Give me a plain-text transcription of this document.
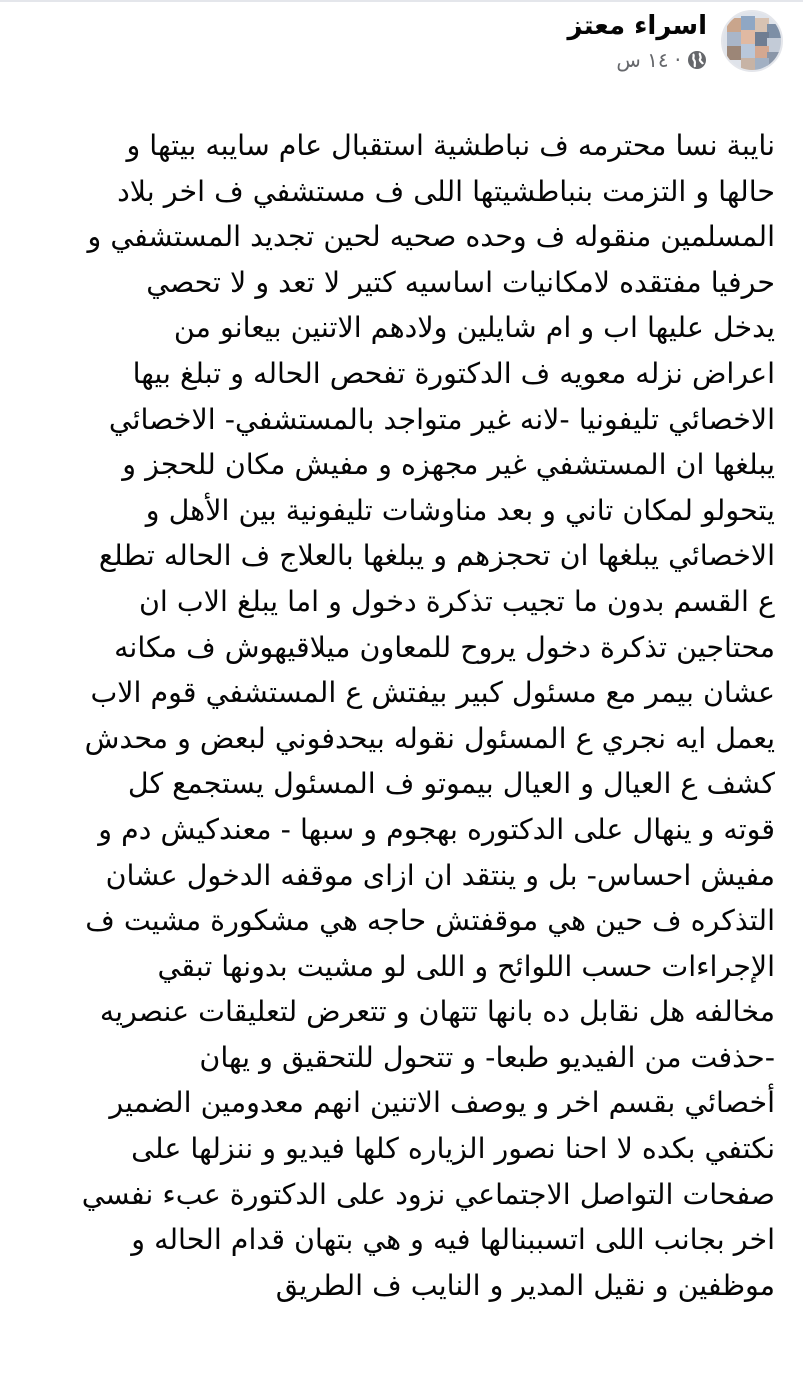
اسراء معتز
١٤ س ·
نايبة نسا محترمه ف نباطشية استقبال عام سايبه بيتها و
حالها و التزمت بنباطشيتها اللى ف مستشفي ف اخر بلاد
المسلمين منقوله ف وحده صحيه لحين تجديد المستشفي و
حرفيا مفتقده لامكانيات اساسيه كتير لا تعد و لا تحصي
يدخل عليها اب و ام شايلين ولادهم الاتنين بيعانو من
اعراض نزله معويه ف الدكتورة تفحص الحاله و تبلغ بيها
الاخصائي تليفونيا -لانه غير متواجد بالمستشفي- الاخصائي
يبلغها ان المستشفي غير مجهزه و مفيش مكان للحجز و
يتحولو لمكان تاني و بعد مناوشات تليفونية بين الأهل و
الاخصائي يبلغها ان تحجزهم و يبلغها بالعلاج ف الحاله تطلع
ع القسم بدون ما تجيب تذكرة دخول و اما يبلغ الاب ان
محتاجين تذكرة دخول يروح للمعاون ميلاقيهوش ف مكانه
عشان بيمر مع مسئول كبير بيفتش ع المستشفي قوم الاب
يعمل ايه نجري ع المسئول نقوله بيحدفوني لبعض و محدش
كشف ع العيال و العيال بيموتو ف المسئول يستجمع كل
قوته و ينهال على الدكتوره بهجوم و سبها - معندكيش دم و
مفيش احساس- بل و ينتقد ان ازاى موقفه الدخول عشان
التذكره ف حين هي موقفتش حاجه هي مشكورة مشيت ف
الإجراءات حسب اللوائح و اللى لو مشيت بدونها تبقي
مخالفه هل نقابل ده بانها تتهان و تتعرض لتعليقات عنصريه
-حذفت من الفيديو طبعا- و تتحول للتحقيق و يهان
أخصائي بقسم اخر و يوصف الاتنين انهم معدومين الضمير
نكتفي بكده لا احنا نصور الزياره كلها فيديو و ننزلها على
صفحات التواصل الاجتماعي نزود على الدكتورة عبء نفسي
اخر بجانب اللى اتسببنالها فيه و هي بتهان قدام الحاله و
موظفين و نقيل المدير و النايب ف الطريق
